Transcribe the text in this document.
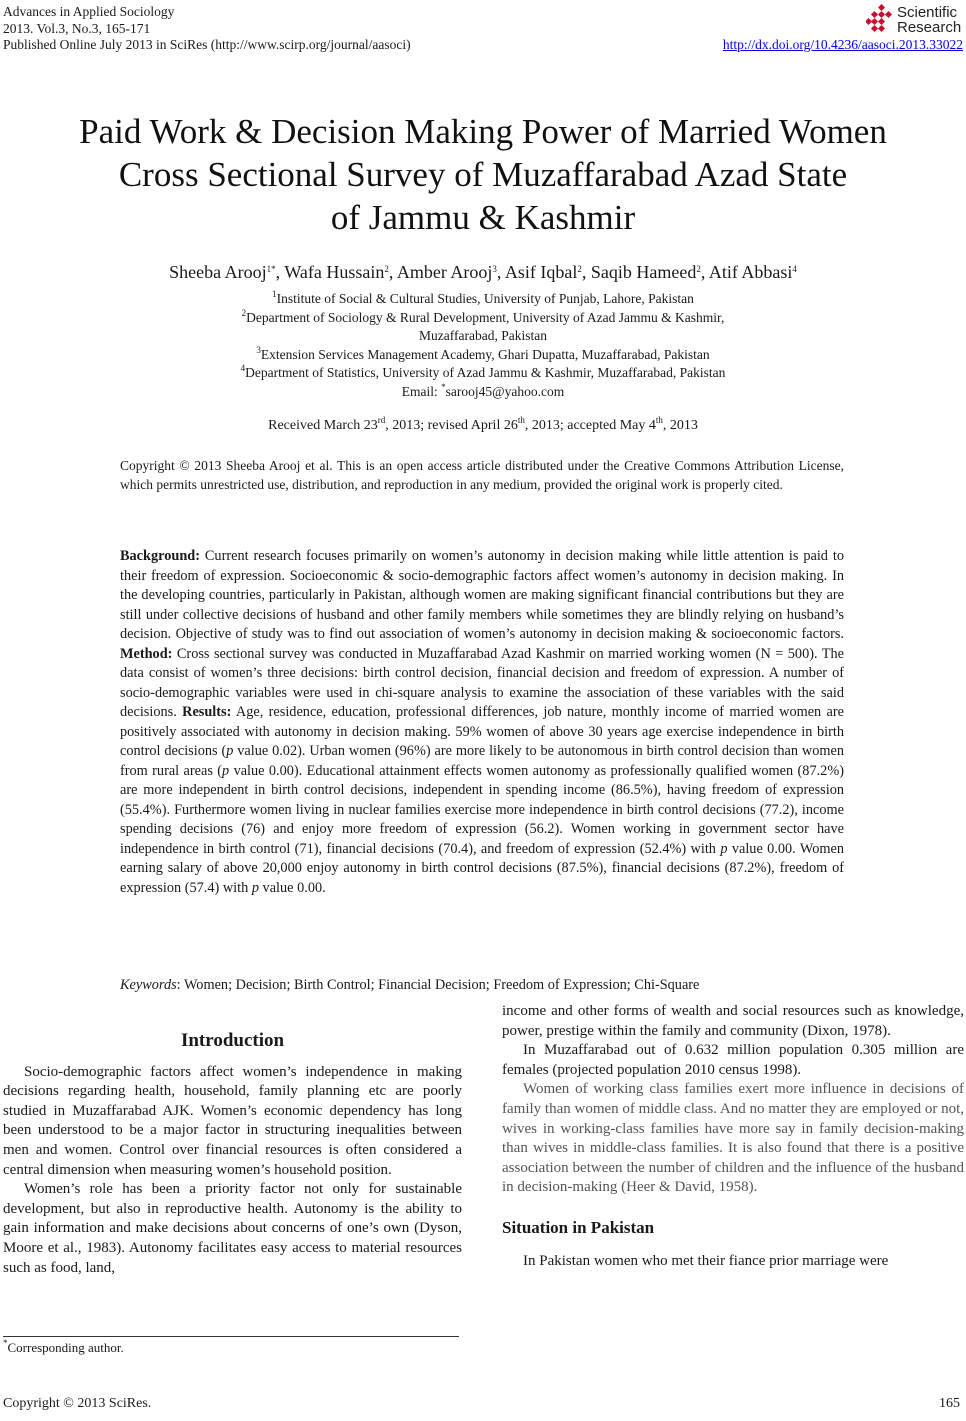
Advances in Applied Sociology
2013. Vol.3, No.3, 165-171
Published Online July 2013 in SciRes (http://www.scirp.org/journal/aasoci)	http://dx.doi.org/10.4236/aasoci.2013.33022
Scientific
Research
Paid Work & Decision Making Power of Married Women
Cross Sectional Survey of Muzaffarabad Azad State
of Jammu & Kashmir
Sheeba Arooj$^{1*}$, Wafa Hussain$^2$, Amber Arooj$^3$, Asif Iqbal$^2$, Saqib Hameed$^2$, Atif Abbasi$^4$
$^1$Institute of Social & Cultural Studies, University of Punjab, Lahore, Pakistan
$^2$Department of Sociology & Rural Development, University of Azad Jammu & Kashmir,
Muzaffarabad, Pakistan
$^3$Extension Services Management Academy, Ghari Dupatta, Muzaffarabad, Pakistan
$^4$Department of Statistics, University of Azad Jammu & Kashmir, Muzaffarabad, Pakistan
Email: *sarooj45@yahoo.com
Received March 23rd, 2013; revised April 26th, 2013; accepted May 4th, 2013
Copyright © 2013 Sheeba Arooj et al. This is an open access article distributed under the Creative Commons Attribution License, which permits unrestricted use, distribution, and reproduction in any medium, provided the original work is properly cited.
Background: Current research focuses primarily on women’s autonomy in decision making while little attention is paid to their freedom of expression. Socioeconomic & socio-demographic factors affect women’s autonomy in decision making. In the developing countries, particularly in Pakistan, although women are making significant financial contributions but they are still under collective decisions of husband and other family members while sometimes they are blindly relying on husband’s decision. Objective of study was to find out association of women’s autonomy in decision making & socioeconomic factors. Method: Cross sectional survey was conducted in Muzaffarabad Azad Kashmir on married working women (N = 500). The data consist of women’s three decisions: birth control decision, financial decision and freedom of expression. A number of socio-demographic variables were used in chi-square analysis to examine the association of these variables with the said decisions. Results: Age, residence, education, professional differences, job nature, monthly income of married women are positively associated with autonomy in decision making. 59% women of above 30 years age exercise independence in birth control decisions (p value 0.02). Urban women (96%) are more likely to be autonomous in birth control decision than women from rural areas (p value 0.00). Educational attainment effects women autonomy as professionally qualified women (87.2%) are more independent in birth control decisions, independent in spending income (86.5%), having freedom of expression (55.4%). Furthermore women living in nuclear families exercise more independence in birth control decisions (77.2), income spending decisions (76) and enjoy more freedom of expression (56.2). Women working in government sector have independence in birth control (71), financial decisions (70.4), and freedom of expression (52.4%) with p value 0.00. Women earning salary of above 20,000 enjoy autonomy in birth control decisions (87.5%), financial decisions (87.2%), freedom of expression (57.4) with p value 0.00.
Keywords: Women; Decision; Birth Control; Financial Decision; Freedom of Expression; Chi-Square
Introduction

Socio-demographic factors affect women’s independence in making decisions regarding health, household, family planning etc are poorly studied in Muzaffarabad AJK. Women’s economic dependency has long been understood to be a major factor in structuring inequalities between men and women. Control over financial resources is often considered a central dimension when measuring women’s household position.

Women’s role has been a priority factor not only for sustainable development, but also in reproductive health. Autonomy is the ability to gain information and make decisions about concerns of one’s own (Dyson, Moore et al., 1983). Autonomy facilitates easy access to material resources such as food, land,

*Corresponding author.

income and other forms of wealth and social resources such as knowledge, power, prestige within the family and community (Dixon, 1978).

In Muzaffarabad out of 0.632 million population 0.305 million are females (projected population 2010 census 1998).

Women of working class families exert more influence in decisions of family than women of middle class. And no matter they are employed or not, wives in working-class families have more say in family decision-making than wives in middle-class families. It is also found that there is a positive association between the number of children and the influence of the husband in decision-making (Heer & David, 1958).

Situation in Pakistan

In Pakistan women who met their fiance prior marriage were

Copyright © 2013 SciRes.	165
